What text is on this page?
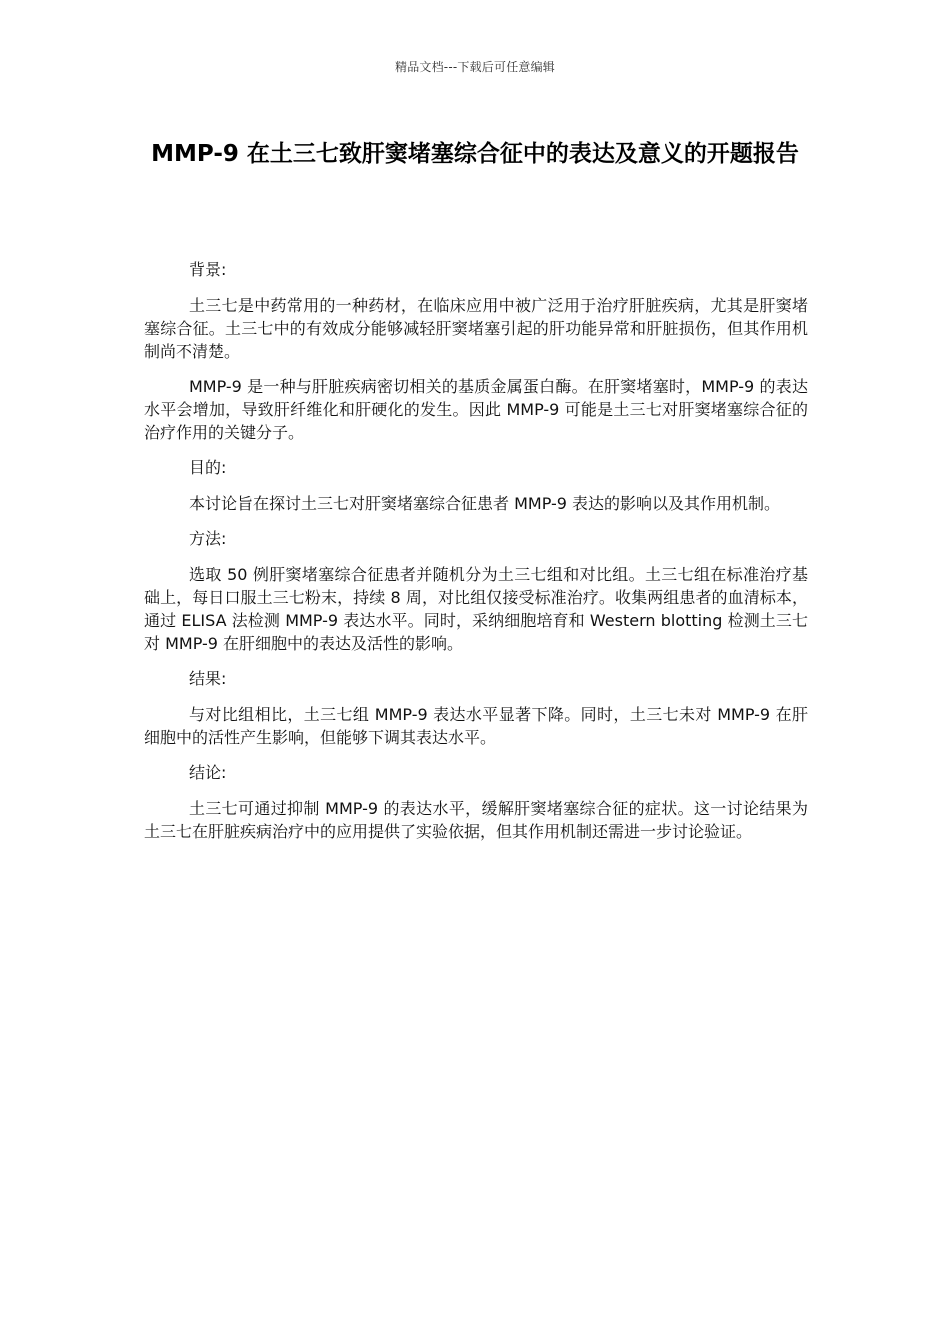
精品文档---下载后可任意编辑
MMP-9 在土三七致肝窦堵塞综合征中的表达及意义的开题报告

背景:

土三七是中药常用的一种药材，在临床应用中被广泛用于治疗肝脏疾病，尤其是肝窦堵塞综合征。土三七中的有效成分能够减轻肝窦堵塞引起的肝功能异常和肝脏损伤，但其作用机制尚不清楚。

MMP-9 是一种与肝脏疾病密切相关的基质金属蛋白酶。在肝窦堵塞时，MMP-9 的表达水平会增加，导致肝纤维化和肝硬化的发生。因此 MMP-9 可能是土三七对肝窦堵塞综合征的治疗作用的关键分子。

目的:

本讨论旨在探讨土三七对肝窦堵塞综合征患者 MMP-9 表达的影响以及其作用机制。

方法:

选取 50 例肝窦堵塞综合征患者并随机分为土三七组和对比组。土三七组在标准治疗基础上，每日口服土三七粉末，持续 8 周，对比组仅接受标准治疗。收集两组患者的血清标本，通过 ELISA 法检测 MMP-9 表达水平。同时，采纳细胞培育和 Western blotting 检测土三七对 MMP-9 在肝细胞中的表达及活性的影响。

结果:

与对比组相比，土三七组 MMP-9 表达水平显著下降。同时，土三七未对 MMP-9 在肝细胞中的活性产生影响，但能够下调其表达水平。

结论:

土三七可通过抑制 MMP-9 的表达水平，缓解肝窦堵塞综合征的症状。这一讨论结果为土三七在肝脏疾病治疗中的应用提供了实验依据，但其作用机制还需进一步讨论验证。
